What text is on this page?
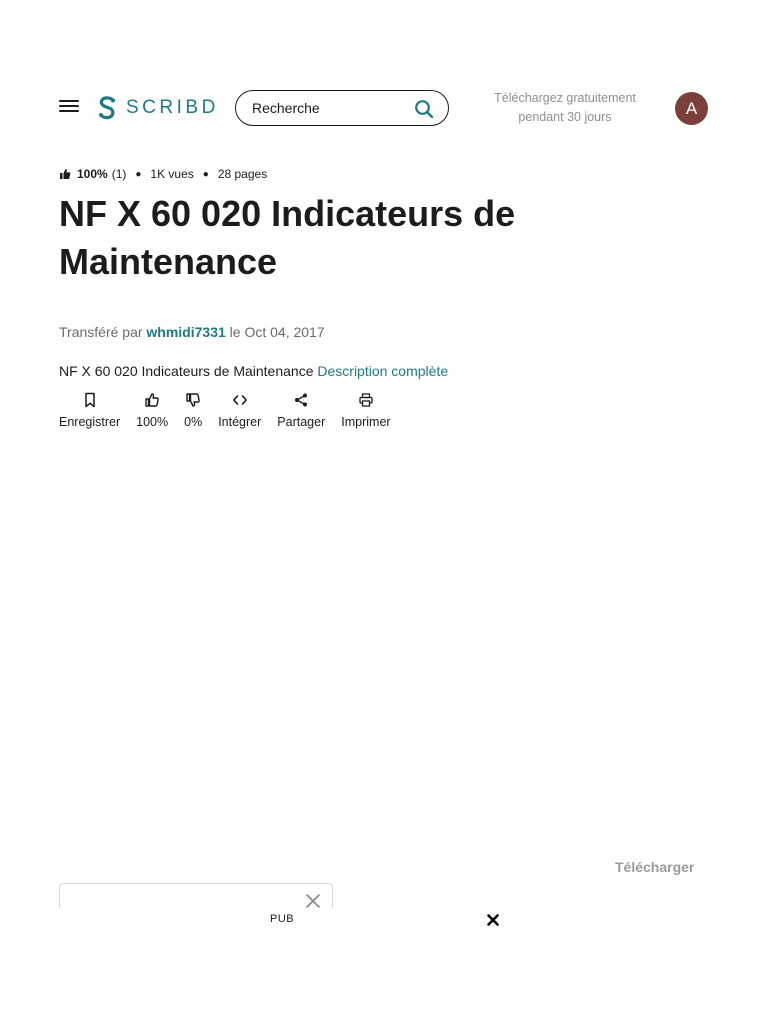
SCRIBD
Recherche	Téléchargez gratuitement
pendant 30 jours	A
100% (1) ● 1K vues ● 28 pages
NF X 60 020 Indicateurs de Maintenance
Transféré par whmidi7331 le Oct 04, 2017
NF X 60 020 Indicateurs de Maintenance Description complète
Enregistrer 100% 0% Intégrer Partager Imprimer
Télécharger
PUB
